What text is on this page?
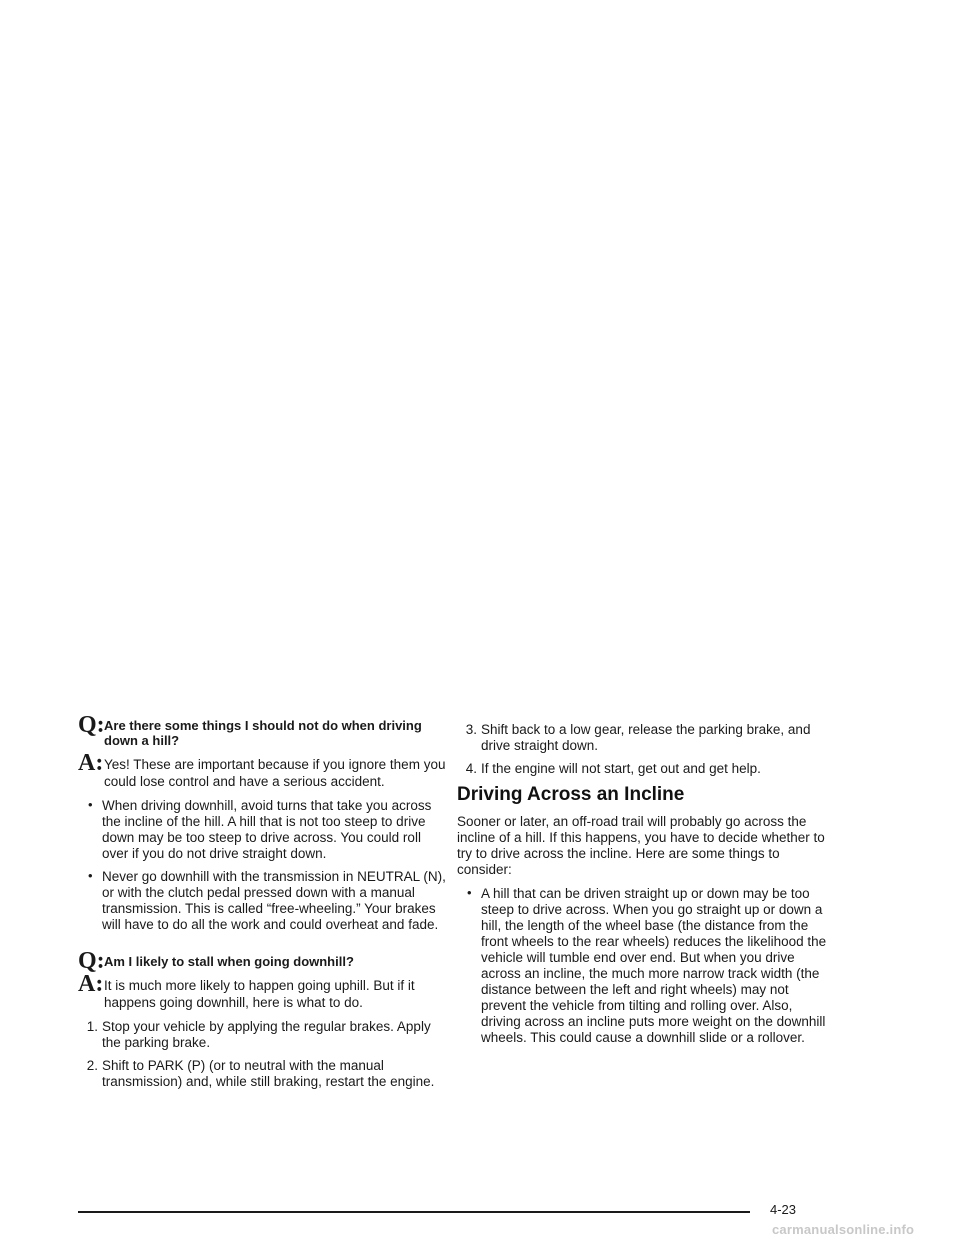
Q: Are there some things I should not do when driving down a hill?
A: Yes! These are important because if you ignore them you could lose control and have a serious accident.
• When driving downhill, avoid turns that take you across the incline of the hill. A hill that is not too steep to drive down may be too steep to drive across. You could roll over if you do not drive straight down.
• Never go downhill with the transmission in NEUTRAL (N), or with the clutch pedal pressed down with a manual transmission. This is called “free-wheeling.” Your brakes will have to do all the work and could overheat and fade.
Q: Am I likely to stall when going downhill?
A: It is much more likely to happen going uphill. But if it happens going downhill, here is what to do.
1. Stop your vehicle by applying the regular brakes. Apply the parking brake.
2. Shift to PARK (P) (or to neutral with the manual transmission) and, while still braking, restart the engine.
3. Shift back to a low gear, release the parking brake, and drive straight down.
4. If the engine will not start, get out and get help.
Driving Across an Incline

Sooner or later, an off-road trail will probably go across the incline of a hill. If this happens, you have to decide whether to try to drive across the incline. Here are some things to consider:

• A hill that can be driven straight up or down may be too steep to drive across. When you go straight up or down a hill, the length of the wheel base (the distance from the front wheels to the rear wheels) reduces the likelihood the vehicle will tumble end over end. But when you drive across an incline, the much more narrow track width (the distance between the left and right wheels) may not prevent the vehicle from tilting and rolling over. Also, driving across an incline puts more weight on the downhill wheels. This could cause a downhill slide or a rollover.
4-23
carmanualsonline.info
